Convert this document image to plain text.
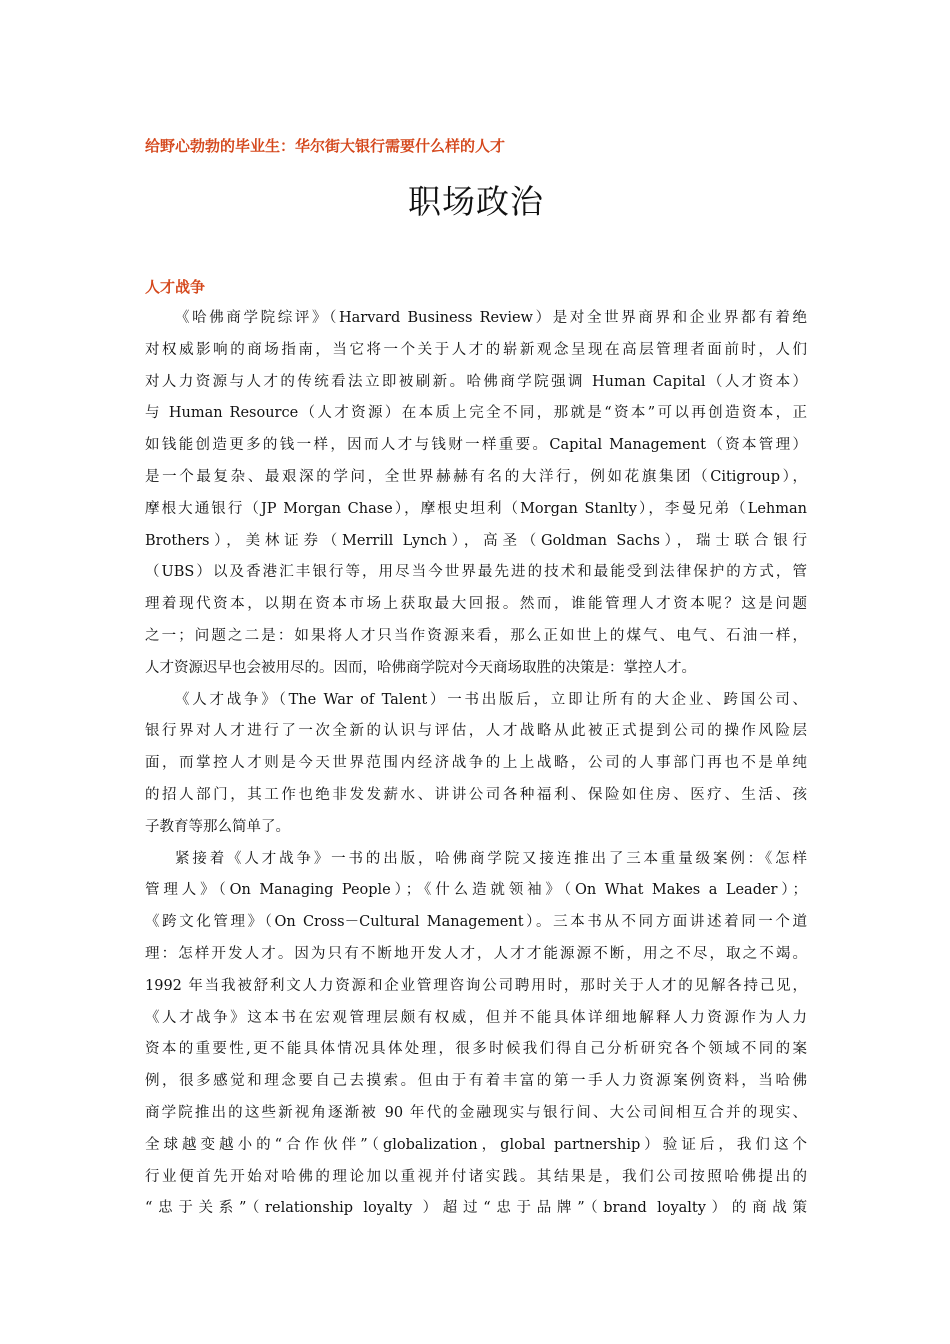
给野心勃勃的毕业生：华尔街大银行需要什么样的人才
职场政治
人才战争
《哈佛商学院综评》（Harvard Business Review）是对全世界商界和企业界都有着绝
对权威影响的商场指南，当它将一个关于人才的崭新观念呈现在高层管理者面前时，人们
对人力资源与人才的传统看法立即被刷新。哈佛商学院强调 Human Capital（人才资本）
与 Human Resource（人才资源）在本质上完全不同，那就是“资本”可以再创造资本，正
如钱能创造更多的钱一样，因而人才与钱财一样重要。Capital Management（资本管理）
是一个最复杂、最艰深的学问，全世界赫赫有名的大洋行，例如花旗集团（Citigroup），
摩根大通银行（JP Morgan Chase），摩根史坦利（Morgan Stanlty），李曼兄弟（Lehman
Brothers），美林证券（Merrill Lynch），高圣（Goldman Sachs），瑞士联合银行
（UBS）以及香港汇丰银行等，用尽当今世界最先进的技术和最能受到法律保护的方式，管
理着现代资本，以期在资本市场上获取最大回报。然而，谁能管理人才资本呢？这是问题
之一；问题之二是：如果将人才只当作资源来看，那么正如世上的煤气、电气、石油一样，
人才资源迟早也会被用尽的。因而，哈佛商学院对今天商场取胜的决策是：掌控人才。
《人才战争》（The War of Talent）一书出版后，立即让所有的大企业、跨国公司、
银行界对人才进行了一次全新的认识与评估，人才战略从此被正式提到公司的操作风险层
面，而掌控人才则是今天世界范围内经济战争的上上战略，公司的人事部门再也不是单纯
的招人部门，其工作也绝非发发薪水、讲讲公司各种福利、保险如住房、医疗、生活、孩
子教育等那么简单了。
紧接着《人才战争》一书的出版，哈佛商学院又接连推出了三本重量级案例：《怎样
管理人》（On Managing People）；《什么造就领袖》（On What Makes a Leader）；
《跨文化管理》（On Cross－Cultural Management）。三本书从不同方面讲述着同一个道
理：怎样开发人才。因为只有不断地开发人才，人才才能源源不断，用之不尽，取之不竭。
1992 年当我被舒利文人力资源和企业管理咨询公司聘用时，那时关于人才的见解各持己见，
《人才战争》这本书在宏观管理层颇有权威，但并不能具体详细地解释人力资源作为人力
资本的重要性,更不能具体情况具体处理，很多时候我们得自己分析研究各个领域不同的案
例，很多感觉和理念要自己去摸索。但由于有着丰富的第一手人力资源案例资料，当哈佛
商学院推出的这些新视角逐渐被 90 年代的金融现实与银行间、大公司间相互合并的现实、
全球越变越小的“合作伙伴”（globalization，global partnership）验证后，我们这个
行业便首先开始对哈佛的理论加以重视并付诸实践。其结果是，我们公司按照哈佛提出的
“忠于关系”（relationship loyalty ）超过“忠于品牌”（brand loyalty）的商战策
